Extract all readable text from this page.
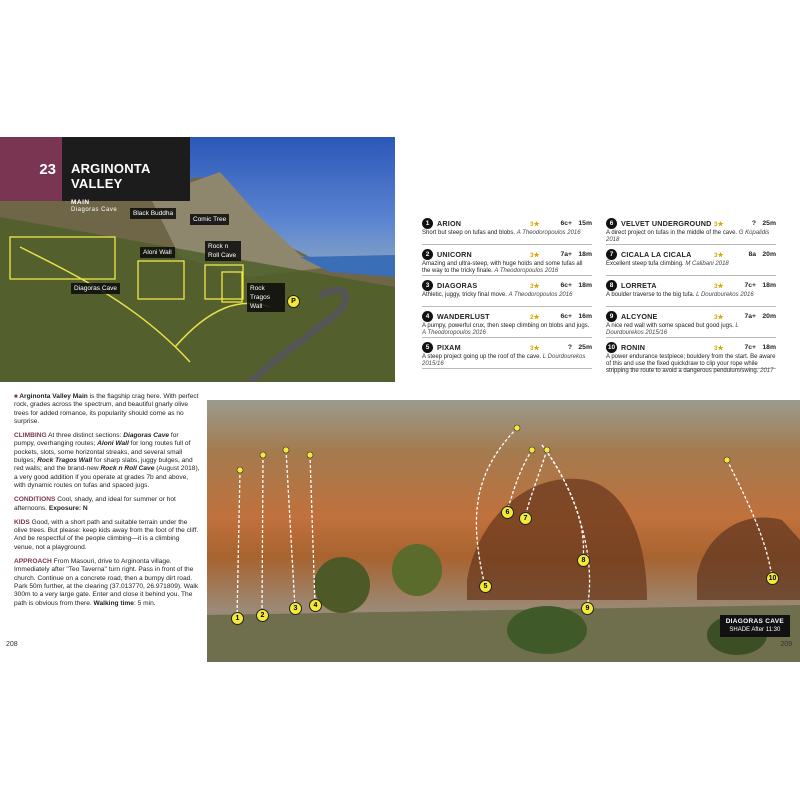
Black Buddha
Comic Tree
Aloni Wall
Rock n Roll Cave
Diagoras Cave	Rock Tragos Wall
P
23	ARGINONTA VALLEY
MAIN
Diagoras Cave
1	ARION	3★	6c+ 15m
Short but steep on tufas and blobs. A Theodoropoulos 2016
2	UNICORN	3★	7a+ 18m
Amazing and ultra-steep, with huge holds and some tufas all the way to the tricky finale. A Theodoropoulos 2016
3	DIAGORAS	3★	6c+ 18m
Athletic, juggy, tricky final move. A Theodoropoulos 2016
4	WANDERLUST	2★	6c+ 16m
A pumpy, powerful crux, then steep climbing on blobs and jugs. A Theodoropoulos 2016
5	PIXAM	3★	? 25m
A steep project going up the roof of the cave. L Dourdourekos 2015/16
6	VELVET UNDERGROUND 3★	? 25m
A direct project on tufas in the middle of the cave. G Kopalidis 2018
7	CICALA LA CICALA	3★	8a 20m
Excellent steep tufa climbing. M Calibani 2018
8	LORRETA	3★	7c+ 18m
A boulder traverse to the big tufa. L Dourdourekos 2016
9	ALCYONE	3★	7a+ 20m
A nice red wall with some spaced but good jugs. L Dourdourekos 2015/16
10 RONIN	3★	7c+ 18m
A power endurance testpiece; bouldery from the start. Be aware of this and use the fixed quickdraw to clip your rope while stripping the route to avoid a dangerous pendulum/swing. 2017

■ Arginonta Valley Main is the flagship crag here. With perfect rock, grades across the spectrum, and beautiful gnarly olive trees for added romance, its popularity should come as no surprise.

CLIMBING At three distinct sections: Diagoras Cave for pumpy, overhanging routes; Aloni Wall for long routes full of pockets, slots, some horizontal streaks, and several small bulges; Rock Tragos Wall for sharp slabs, juggy bulges, and red walls; and the brand-new Rock n Roll Cave (August 2018), a very good addition if you operate at grades 7b and above, with dynamic routes on tufas and spaced jugs.

CONDITIONS Cool, shady, and ideal for summer or hot afternoons. Exposure: N

KIDS Good, with a short path and suitable terrain under the olive trees. But please: keep kids away from the foot of the cliff. And be respectful of the people climbing—it is a climbing venue, not a playground.

APPROACH From Masouri, drive to Arginonta village. Immediately after "Teo Taverna" turn right. Pass in front of the church. Continue on a concrete road, then a bumpy dirt road. Park 50m further, at the clearing (37.013770, 26.971809). Walk 300m to a very large gate. Enter and close it behind you. The path is obvious from there. Walking time: 5 min.

1	2
3	4
5
6
7
8
9
10
DIAGORAS CAVE
SHADE After 11:30
208	209
